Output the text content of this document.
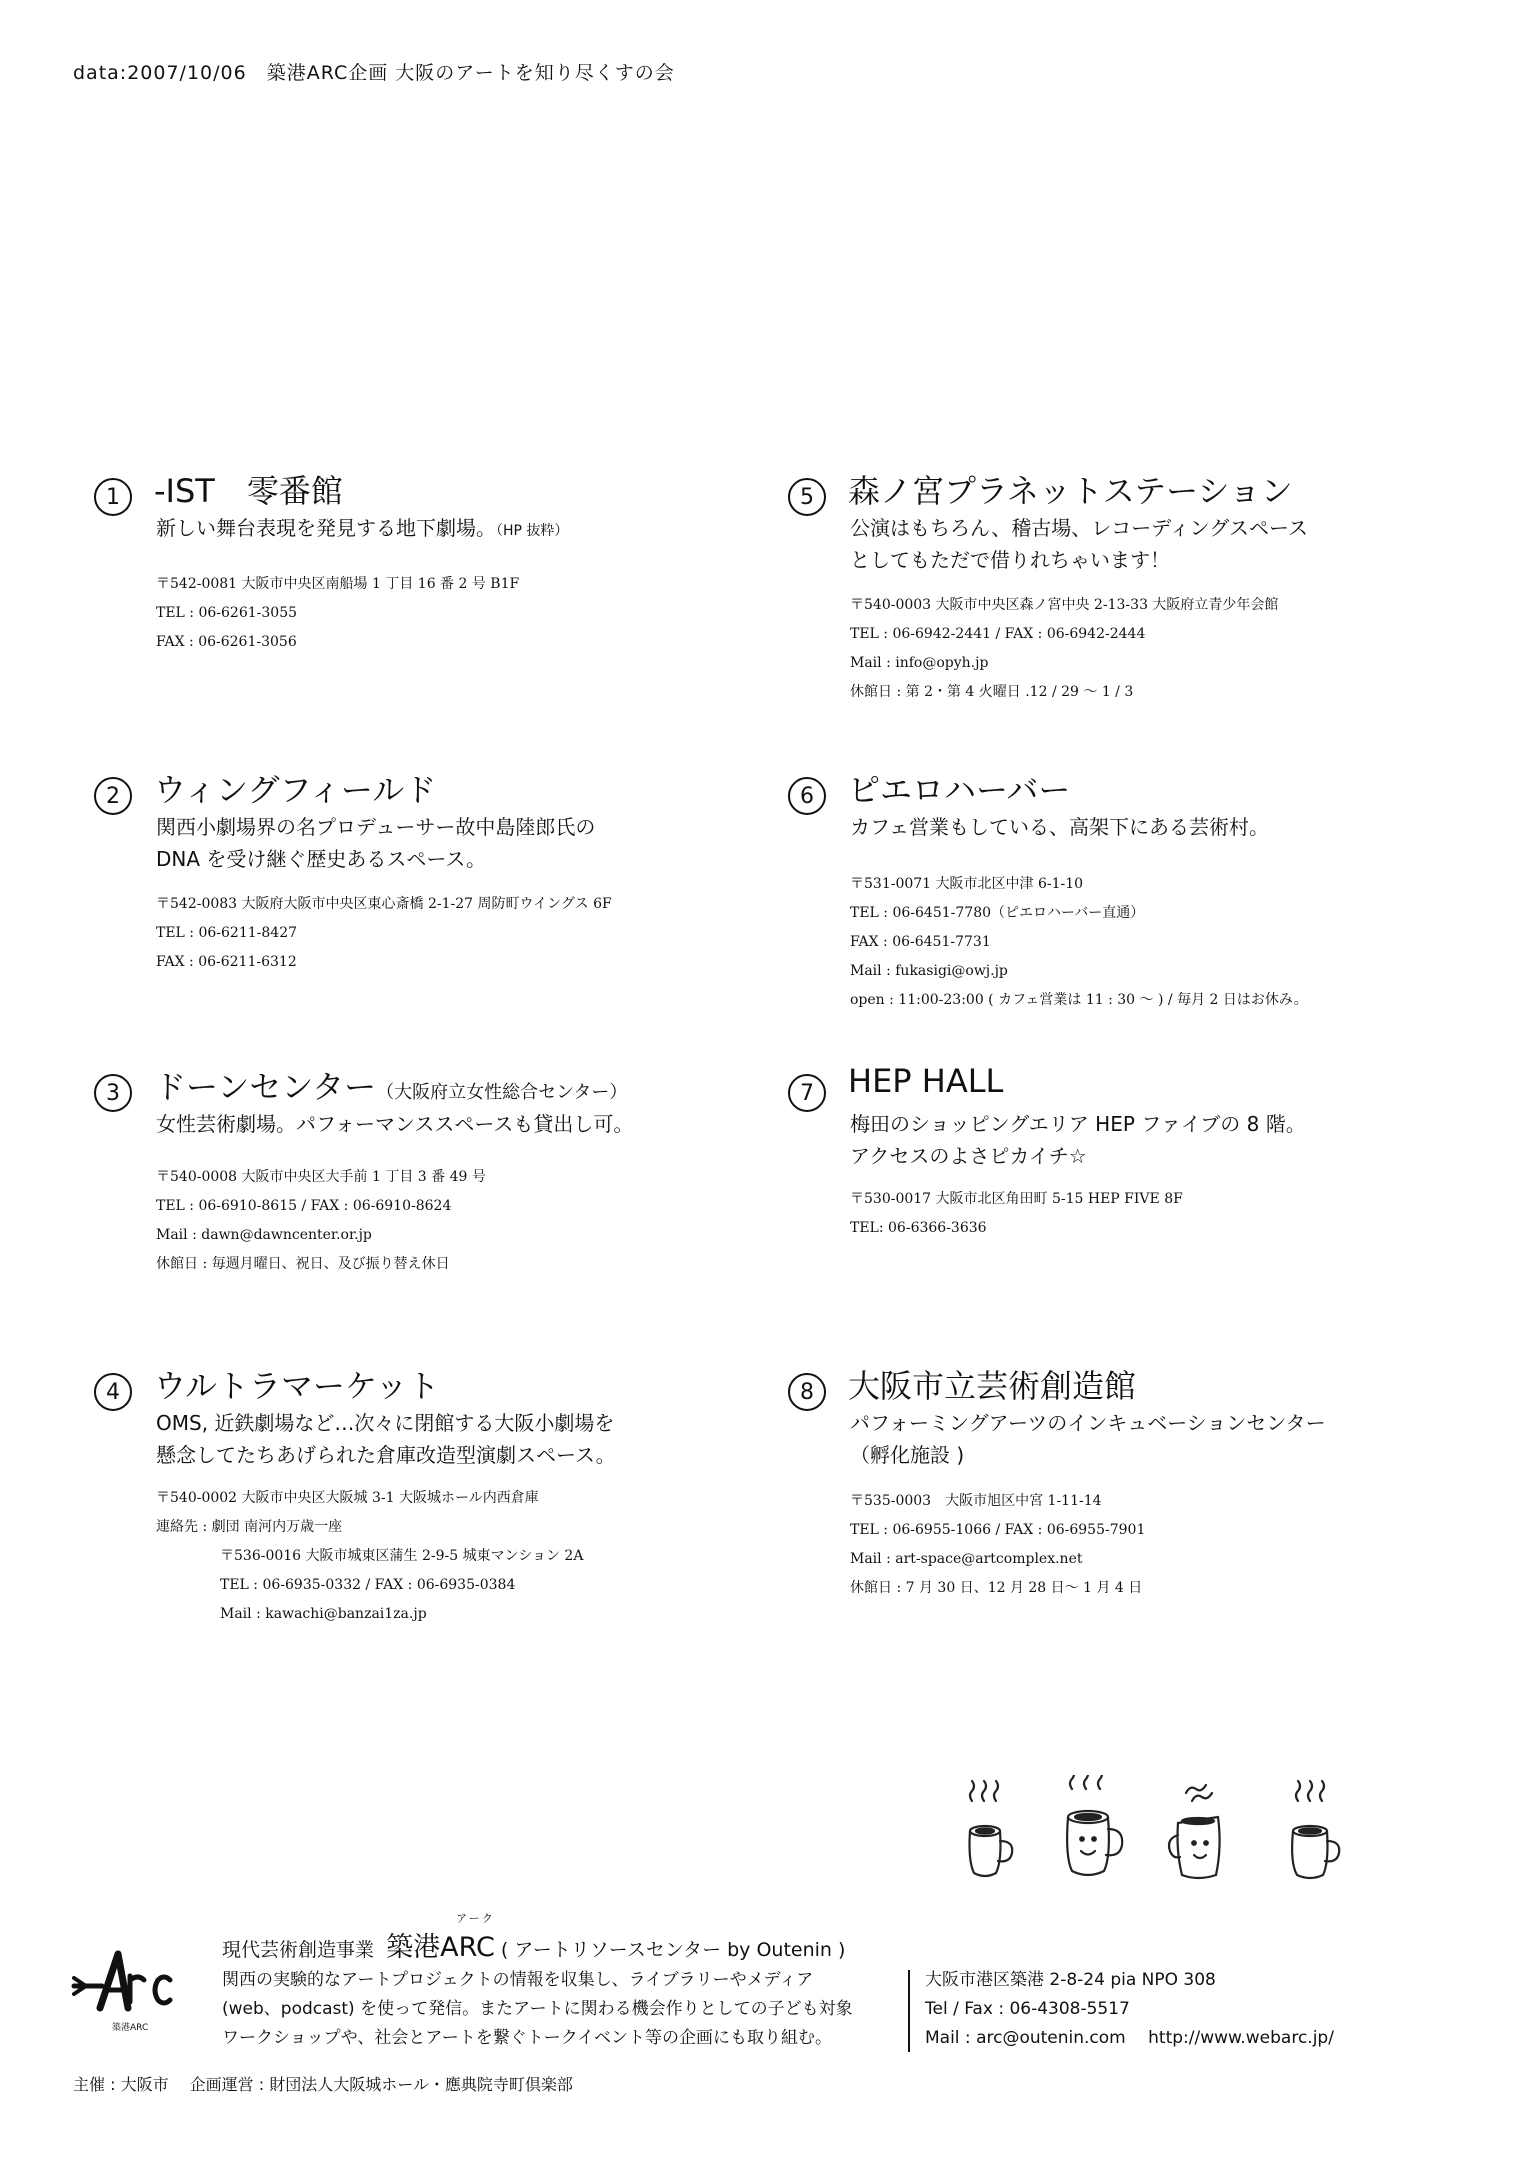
data:2007/10/06　築港ARC企画 大阪のアートを知り尽くすの会
1	-IST　零番館
新しい舞台表現を発見する地下劇場。（HP 抜粋）
〒542-0081 大阪市中央区南船場 1 丁目 16 番 2 号 B1F
TEL : 06-6261-3055
FAX : 06-6261-3056
2	ウィングフィールド
関西小劇場界の名プロデューサー故中島陸郎氏の
DNA を受け継ぐ歴史あるスペース。
〒542-0083 大阪府大阪市中央区東心斎橋 2-1-27 周防町ウイングス 6F
TEL : 06-6211-8427
FAX : 06-6211-6312
3	ドーンセンター（大阪府立女性総合センター）
女性芸術劇場。パフォーマンススペースも貸出し可。
〒540-0008 大阪市中央区大手前 1 丁目 3 番 49 号
TEL : 06-6910-8615 / FAX : 06-6910-8624
Mail : dawn@dawncenter.or.jp
休館日 : 毎週月曜日、祝日、及び振り替え休日
4	ウルトラマーケット
OMS, 近鉄劇場など…次々に閉館する大阪小劇場を
懸念してたちあげられた倉庫改造型演劇スペース。
〒540-0002 大阪市中央区大阪城 3-1 大阪城ホール内西倉庫
連絡先 : 劇団 南河内万歳一座
〒536-0016 大阪市城東区蒲生 2-9-5 城東マンション 2A
TEL : 06-6935-0332 / FAX : 06-6935-0384
Mail : kawachi@banzai1za.jp
5	森ノ宮プラネットステーション
公演はもちろん、稽古場、レコーディングスペース
としてもただで借りれちゃいます！
〒540-0003 大阪市中央区森ノ宮中央 2-13-33 大阪府立青少年会館
TEL : 06-6942-2441 / FAX : 06-6942-2444
Mail : info@opyh.jp
休館日 : 第 2・第 4 火曜日 .12 / 29 〜 1 / 3
6	ピエロハーバー
カフェ営業もしている、高架下にある芸術村。
〒531-0071 大阪市北区中津 6-1-10
TEL : 06-6451-7780（ピエロハーバー直通）
FAX : 06-6451-7731
Mail : fukasigi@owj.jp
open : 11:00-23:00 ( カフェ営業は 11 : 30 〜 ) / 毎月 2 日はお休み。
7	HEP HALL
梅田のショッピングエリア HEP ファイブの 8 階。
アクセスのよさピカイチ☆
〒530-0017 大阪市北区角田町 5-15 HEP FIVE 8F
TEL: 06-6366-3636
8	大阪市立芸術創造館
パフォーミングアーツのインキュベーションセンター
（孵化施設 )
〒535-0003　大阪市旭区中宮 1-11-14
TEL : 06-6955-1066 / FAX : 06-6955-7901
Mail : art-space@artcomplex.net
休館日 : 7 月 30 日、12 月 28 日〜 1 月 4 日
築港ARC
現代芸術創造事業
アーク
築港ARC ( アートリソースセンター by Outenin )
関西の実験的なアートプロジェクトの情報を収集し、ライブラリーやメディア
(web、podcast) を使って発信。またアートに関わる機会作りとしての子ども対象
ワークショップや、社会とアートを繋ぐトークイベント等の企画にも取り組む。
大阪市港区築港 2-8-24 pia NPO 308
Tel / Fax : 06-4308-5517
Mail : arc@outenin.com　 http://www.webarc.jp/
主催 : 大阪市　 企画運営 : 財団法人大阪城ホール・應典院寺町倶楽部
